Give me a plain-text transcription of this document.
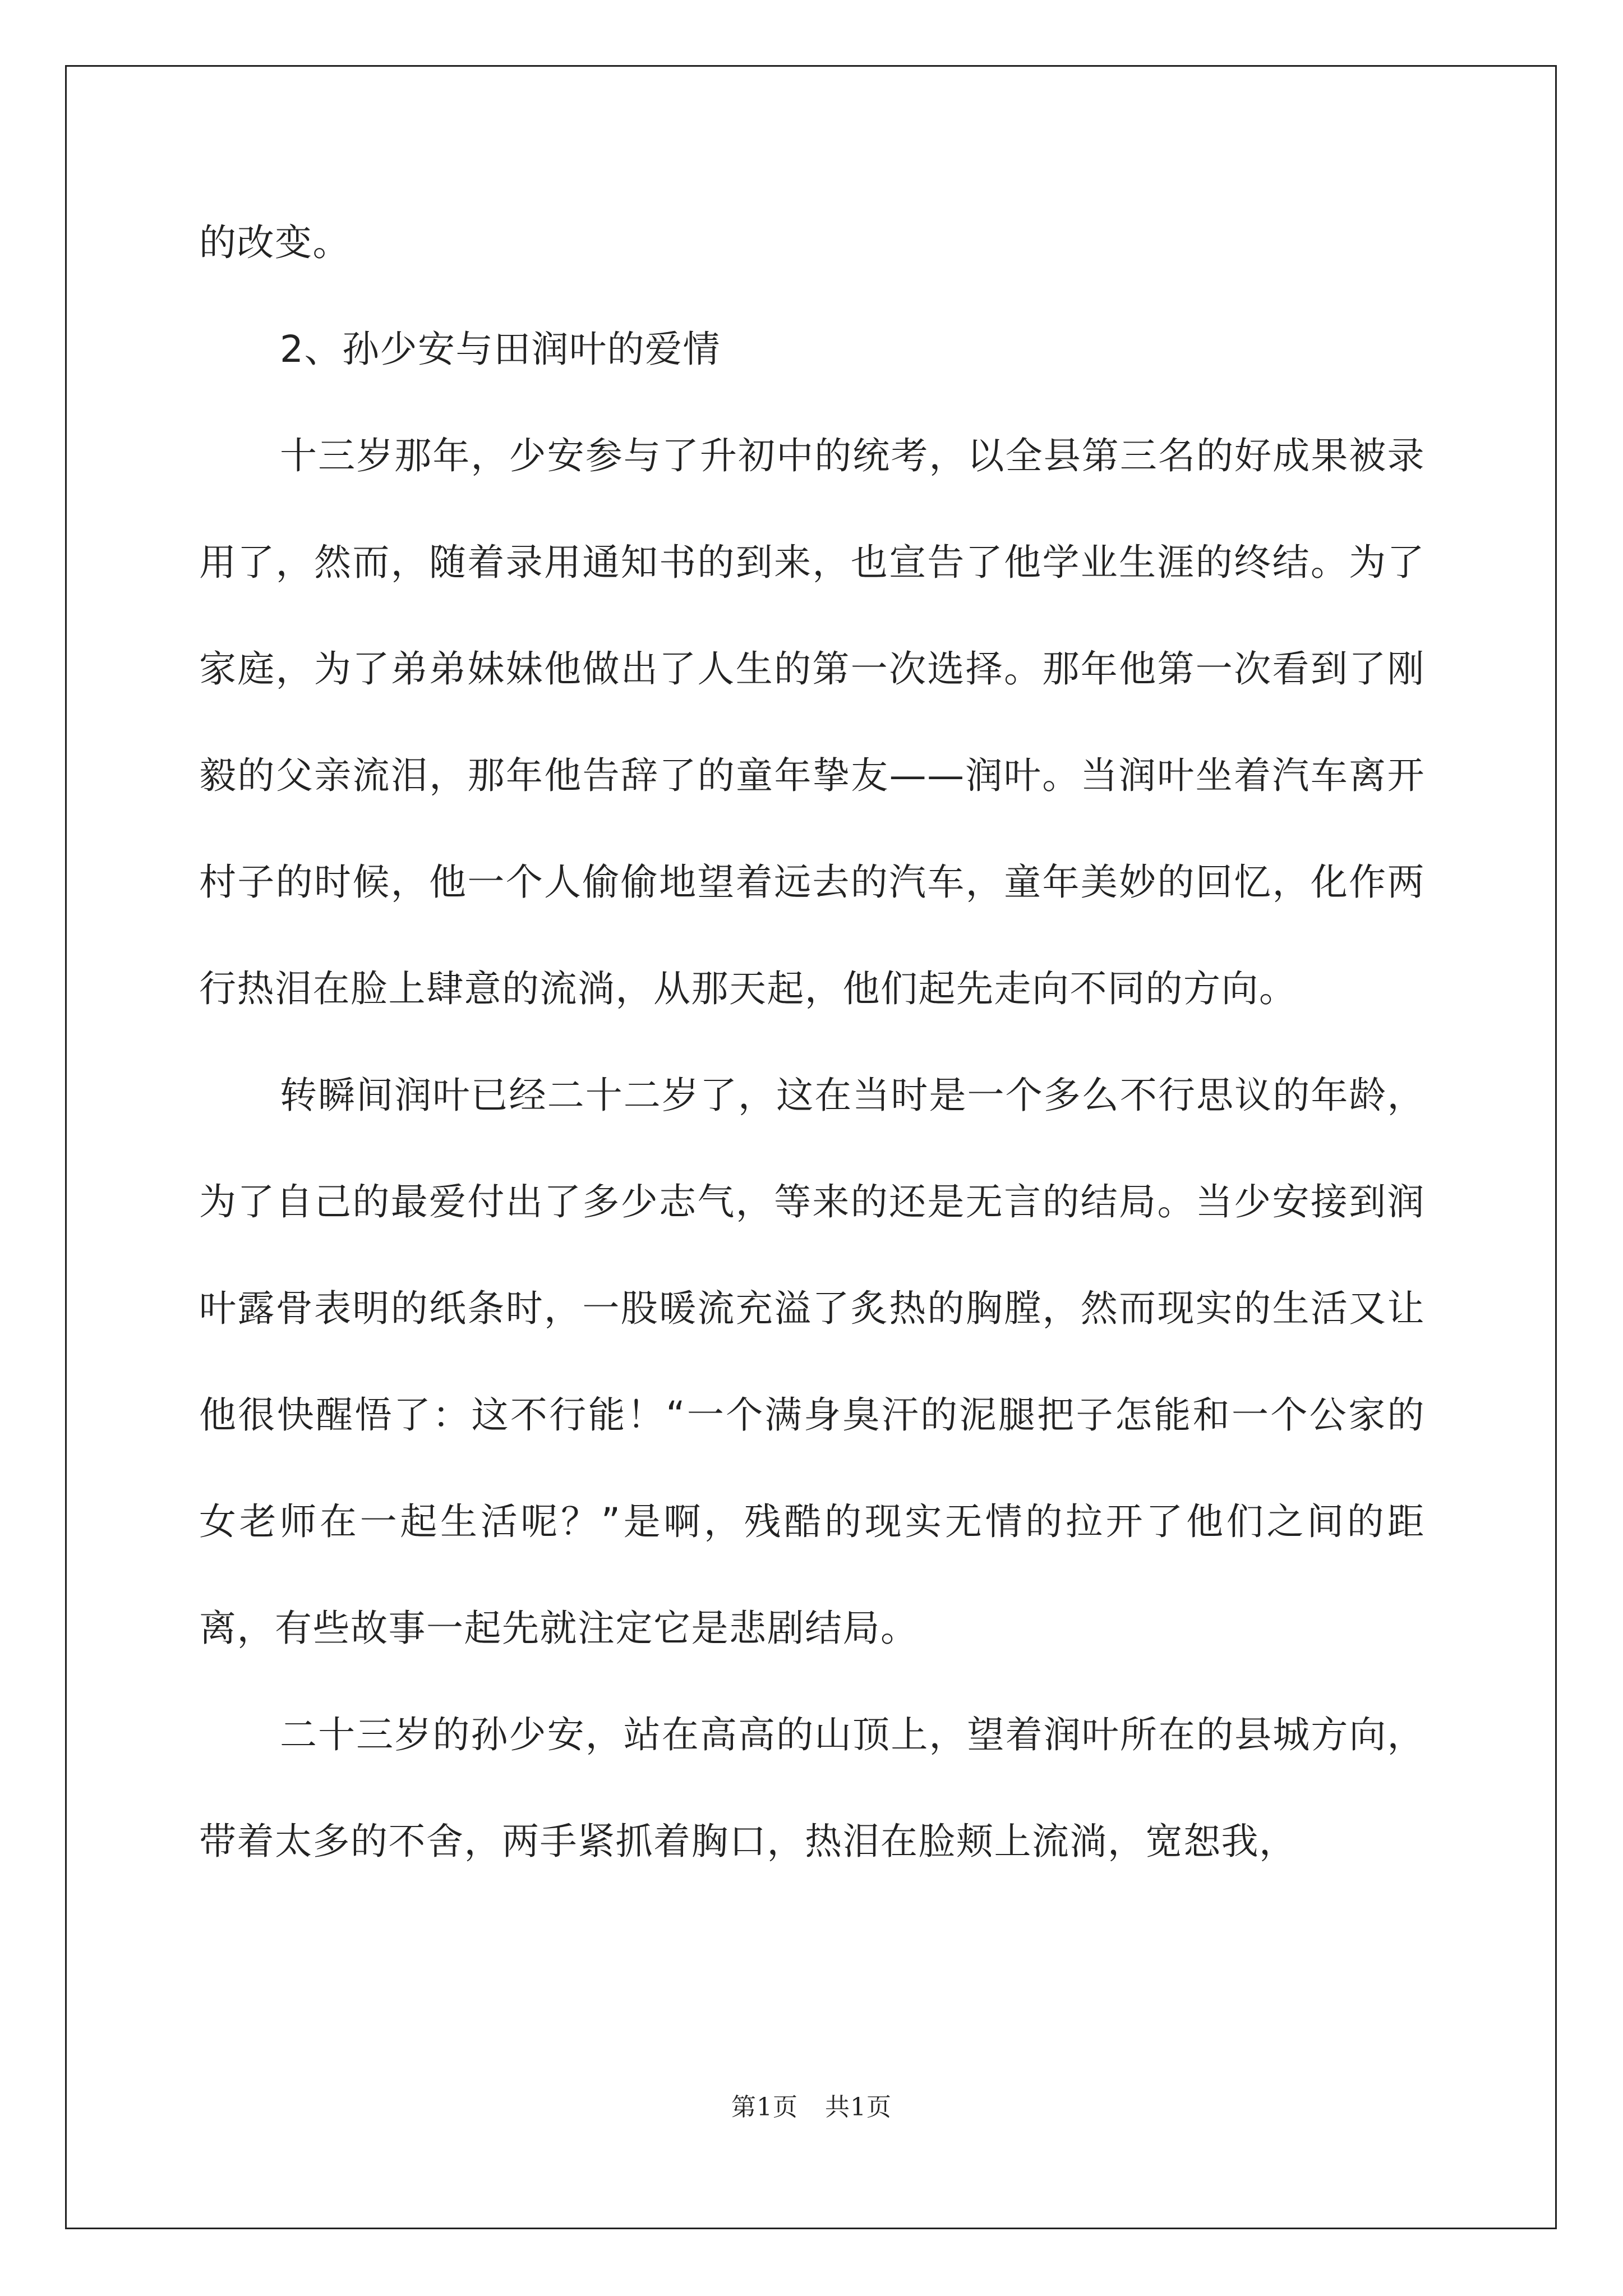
的改变。

2、孙少安与田润叶的爱情

十三岁那年，少安参与了升初中的统考，以全县第三名的好成果被录用了，然而，随着录用通知书的到来，也宣告了他学业生涯的终结。为了家庭，为了弟弟妹妹他做出了人生的第一次选择。那年他第一次看到了刚毅的父亲流泪，那年他告辞了的童年挚友——润叶。当润叶坐着汽车离开村子的时候，他一个人偷偷地望着远去的汽车，童年美妙的回忆，化作两行热泪在脸上肆意的流淌，从那天起，他们起先走向不同的方向。

转瞬间润叶已经二十二岁了，这在当时是一个多么不行思议的年龄，为了自己的最爱付出了多少志气，等来的还是无言的结局。当少安接到润叶露骨表明的纸条时，一股暖流充溢了炙热的胸膛，然而现实的生活又让他很快醒悟了：这不行能！“一个满身臭汗的泥腿把子怎能和一个公家的女老师在一起生活呢？”是啊，残酷的现实无情的拉开了他们之间的距离，有些故事一起先就注定它是悲剧结局。

二十三岁的孙少安，站在高高的山顶上，望着润叶所在的县城方向，带着太多的不舍，两手紧抓着胸口，热泪在脸颊上流淌，宽恕我，

第1页 共1页
